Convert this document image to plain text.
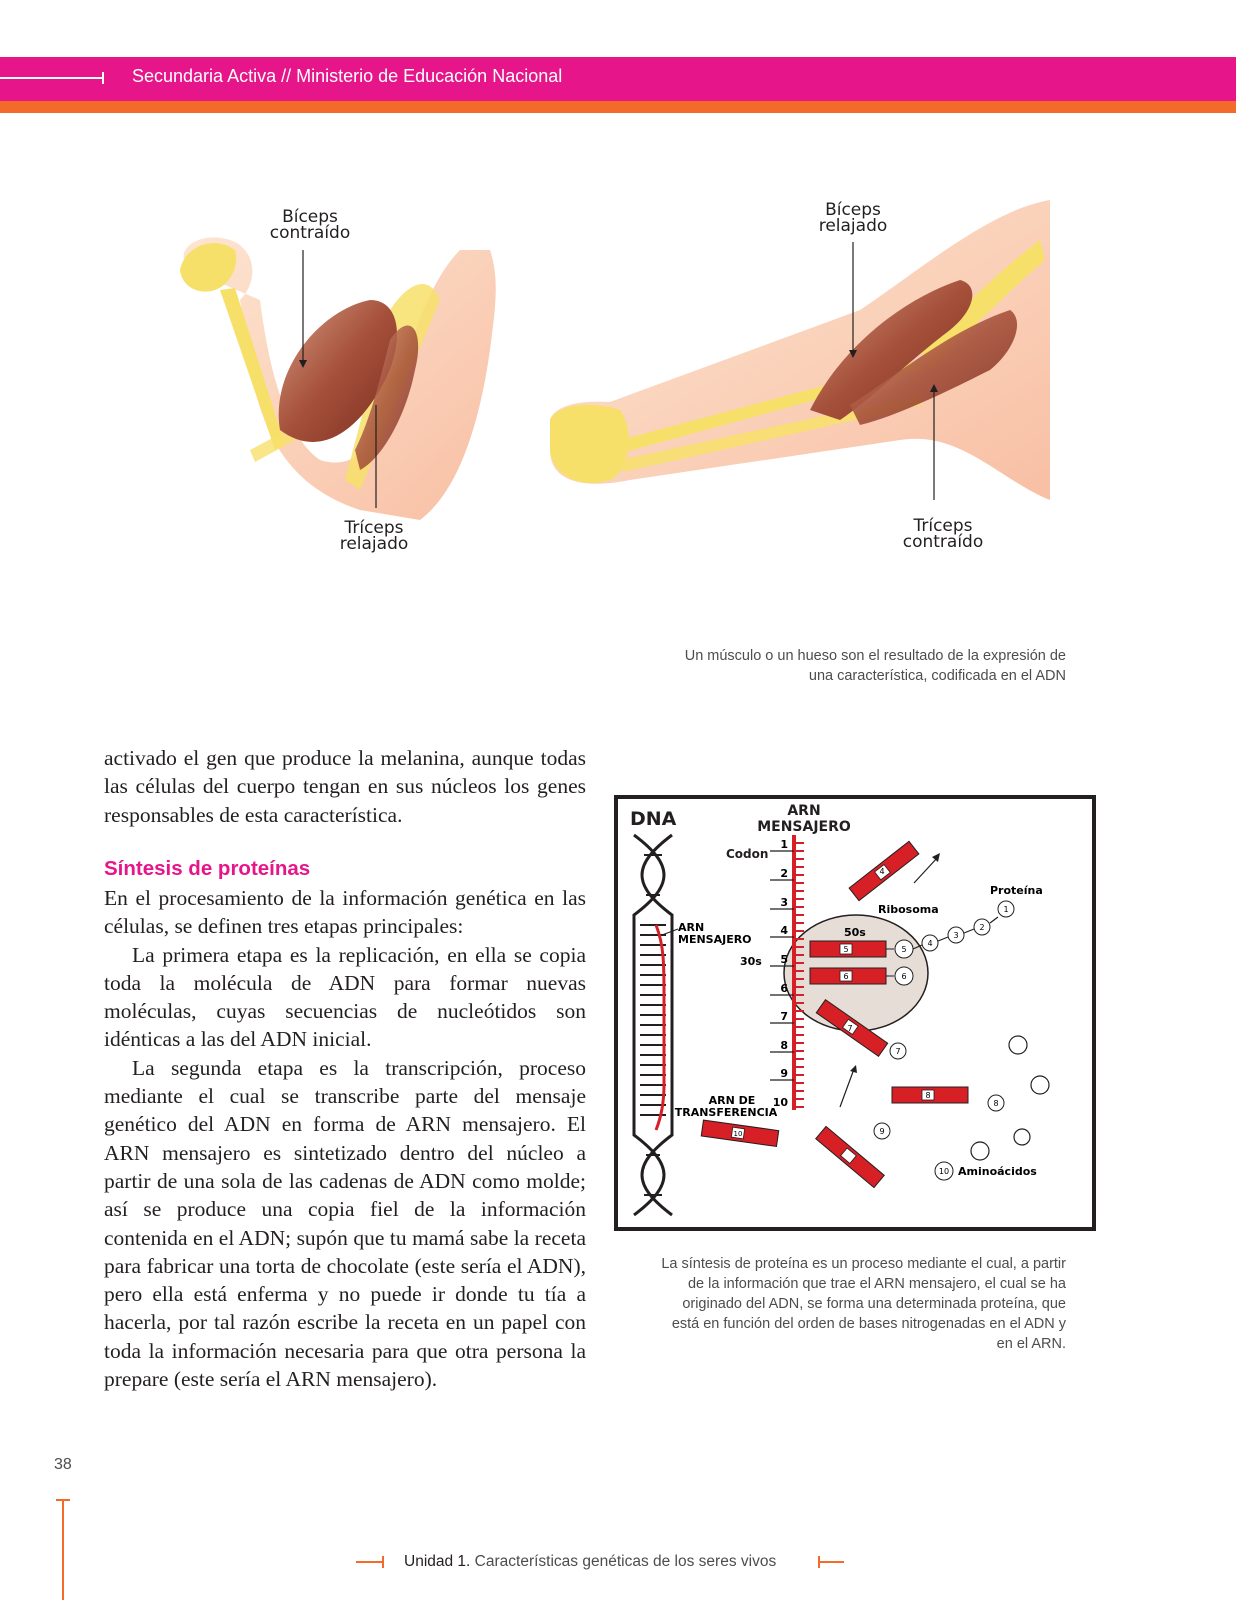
Secundaria Activa // Ministerio de Educación Nacional
Bíceps
contraído
Tríceps
relajado
Bíceps
relajado
Tríceps
contraído
Un músculo o un hueso son el resultado de la expresión de
una característica, codificada en el ADN
activado el gen que produce la melanina, aunque todas las células del cuerpo tengan en sus núcleos los genes responsables de esta característica.
Síntesis de proteínas

En el procesamiento de la información genética en las células, se definen tres etapas principales:

La primera etapa es la replicación, en ella se copia toda la molécula de ADN para formar nuevas moléculas, cuyas secuencias de nucleótidos son idénticas a las del ADN inicial.

La segunda etapa es la transcripción, proceso mediante el cual se transcribe parte del mensaje genético del ADN en forma de ARN mensajero. El ARN mensajero es sintetizado dentro del núcleo a partir de una sola de las cadenas de ADN como molde; así se produce una copia fiel de la información contenida en el ADN; supón que tu mamá sabe la receta para fabricar una torta de chocolate (este sería el ADN), pero ella está enferma y no puede ir donde tu tía a hacerla, por tal razón escribe la receta en un papel con toda la información necesaria para que otra persona la prepare (este sería el ARN mensajero).

DNA	ARN
MENSAJERO
Codon
ARN
MENSAJERO
50s
30s
Ribosoma
1
2
3
4
5
6
7
8
9
10
5	5
6	6
4
3
2
1
Proteína
4
7
7
8
8
9
10
10 Aminoácidos
ARN DE
TRANSFERENCIA
La síntesis de proteína es un proceso mediante el cual, a partir
de la información que trae el ARN mensajero, el cual se ha
originado del ADN, se forma una determinada proteína, que
está en función del orden de bases nitrogenadas en el ADN y
en el ARN.
38
Unidad 1. Características genéticas de los seres vivos
